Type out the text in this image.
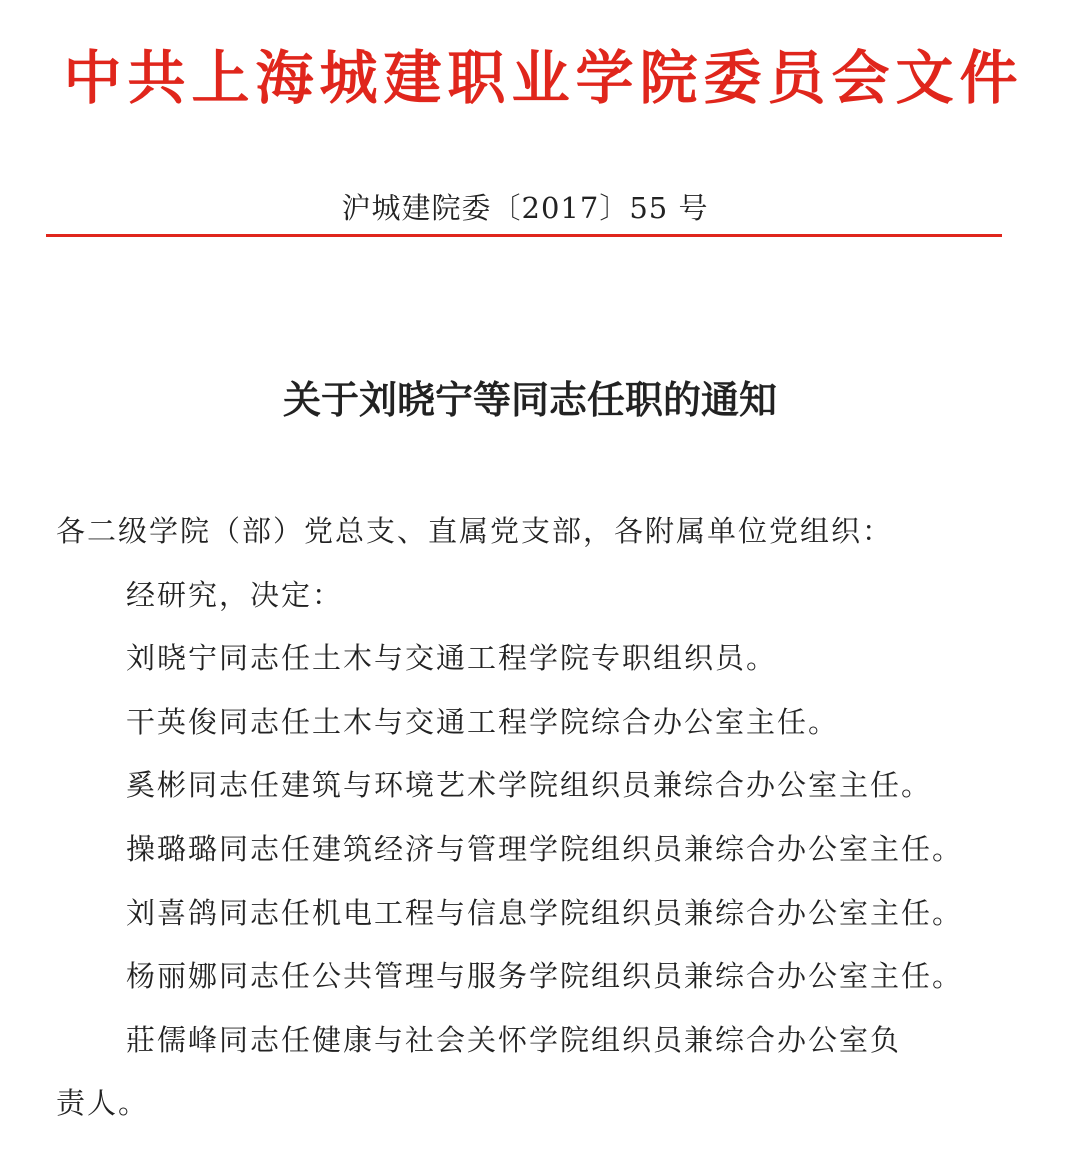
中共上海城建职业学院委员会文件
沪城建院委〔2017〕55 号
关于刘晓宁等同志任职的通知

各二级学院（部）党总支、直属党支部，各附属单位党组织：

经研究，决定：

刘晓宁同志任土木与交通工程学院专职组织员。

干英俊同志任土木与交通工程学院综合办公室主任。

奚彬同志任建筑与环境艺术学院组织员兼综合办公室主任。

操璐璐同志任建筑经济与管理学院组织员兼综合办公室主任。

刘喜鸽同志任机电工程与信息学院组织员兼综合办公室主任。

杨丽娜同志任公共管理与服务学院组织员兼综合办公室主任。

莊儒峰同志任健康与社会关怀学院组织员兼综合办公室负

责人。
